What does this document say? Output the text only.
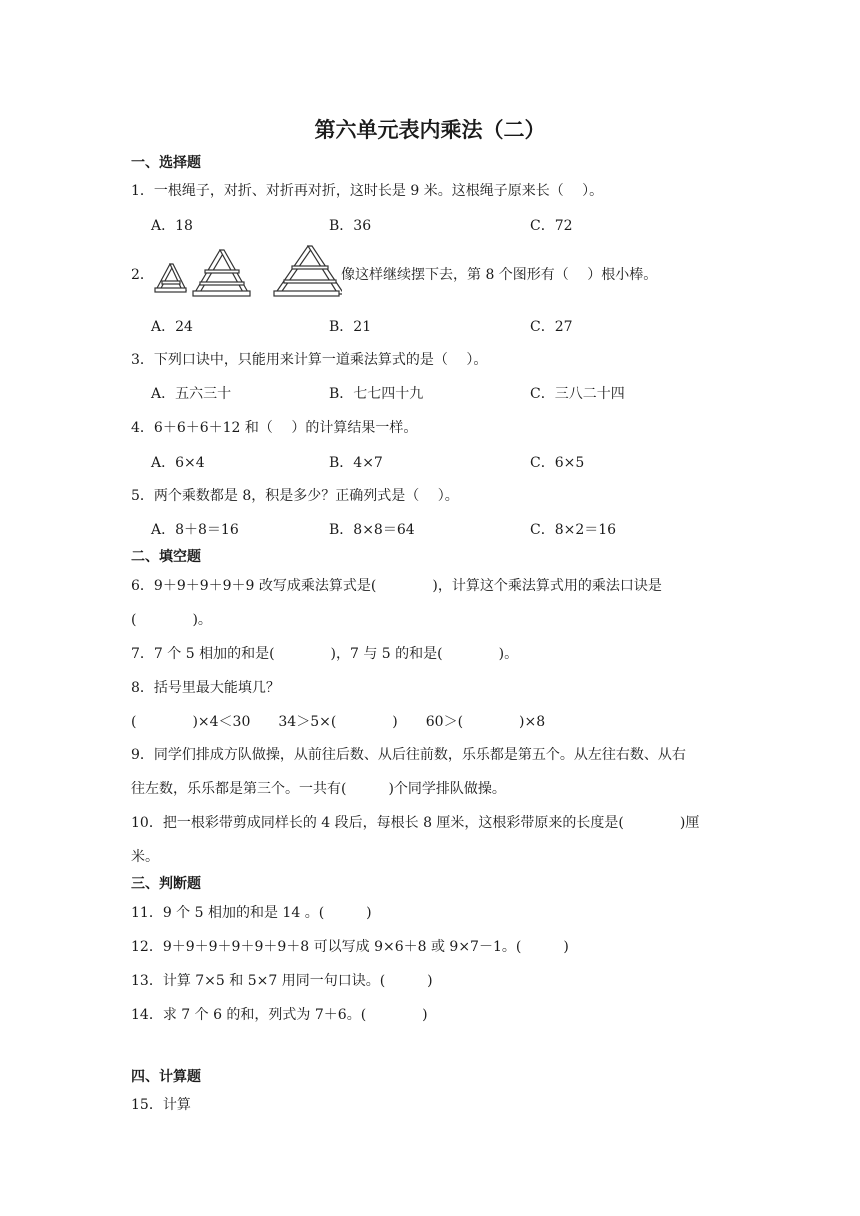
第六单元表内乘法（二）
一、选择题
1．一根绳子，对折、对折再对折，这时长是 9 米。这根绳子原来长（　 ）。
A．18	B．36	C．72
2．	像这样继续摆下去，第 8 个图形有（　 ）根小棒。
A．24	B．21	C．27
3．下列口诀中，只能用来计算一道乘法算式的是（　 ）。
A．五六三十	B．七七四十九	C．三八二十四
4．6＋6＋6＋12 和（　 ）的计算结果一样。
A．6×4	B．4×7	C．6×5
5．两个乘数都是 8，积是多少？正确列式是（　 ）。
A．8＋8＝16	B．8×8＝64	C．8×2＝16
二、填空题
6．9＋9＋9＋9＋9 改写成乘法算式是(　　　　)，计算这个乘法算式用的乘法口诀是
(　　　　)。
7．7 个 5 相加的和是(　　　　)，7 与 5 的和是(　　　　)。
8．括号里最大能填几？
(　　　　)×4＜30　　34＞5×(　　　　)　　60＞(　　　　)×8
9．同学们排成方队做操，从前往后数、从后往前数，乐乐都是第五个。从左往右数、从右
往左数，乐乐都是第三个。一共有(　　　)个同学排队做操。
10．把一根彩带剪成同样长的 4 段后，每根长 8 厘米，这根彩带原来的长度是(　　　　)厘
米。
三、判断题
11．9 个 5 相加的和是 14 。(　　　)
12．9＋9＋9＋9＋9＋9＋8 可以写成 9×6＋8 或 9×7－1。(　　　)
13．计算 7×5 和 5×7 用同一句口诀。(　　　)
14．求 7 个 6 的和，列式为 7＋6。(　　　　)
四、计算题
15．计算
